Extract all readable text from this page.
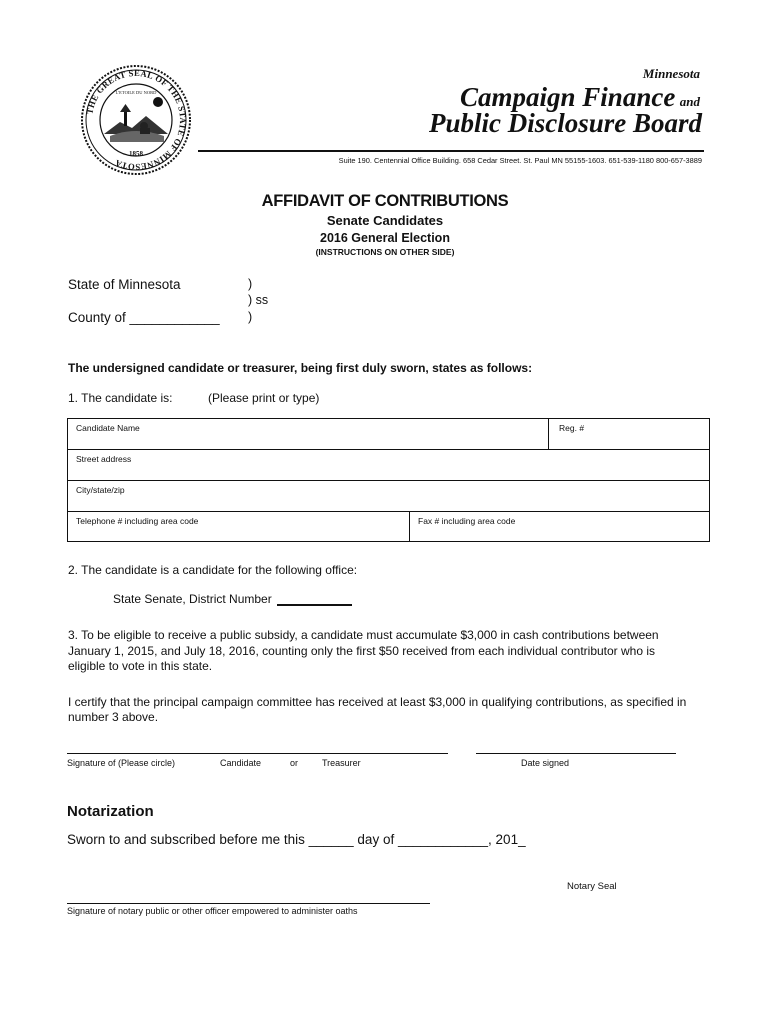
THE GREAT SEAL OF THE STATE OF MINNESOTA
L'ETOILE DU NORD
1858
Minnesota
Campaign Finance and
Public Disclosure Board
Suite 190. Centennial Office Building. 658 Cedar Street. St. Paul MN 55155-1603. 651-539-1180 800-657-3889
AFFIDAVIT OF CONTRIBUTIONS
Senate Candidates
2016 General Election
(INSTRUCTIONS ON OTHER SIDE)
State of Minnesota
County of ____________
)
) ss
)
The undersigned candidate or treasurer, being first duly sworn, states as follows:
1. The candidate is:	(Please print or type)
Candidate Name	Reg. #
Street address
City/state/zip
Telephone # including area code	Fax # including area code
2. The candidate is a candidate for the following office:
State Senate, District Number
3. To be eligible to receive a public subsidy, a candidate must accumulate $3,000 in cash contributions between
January 1, 2015, and July 18, 2016, counting only the first $50 received from each individual contributor who is
eligible to vote in this state.
I certify that the principal campaign committee has received at least $3,000 in qualifying contributions, as specified in
number 3 above.
Signature of (Please circle)	Candidate	or	Treasurer	Date signed
Notarization
Sworn to and subscribed before me this ______ day of ____________, 201_
Notary Seal
Signature of notary public or other officer empowered to administer oaths
